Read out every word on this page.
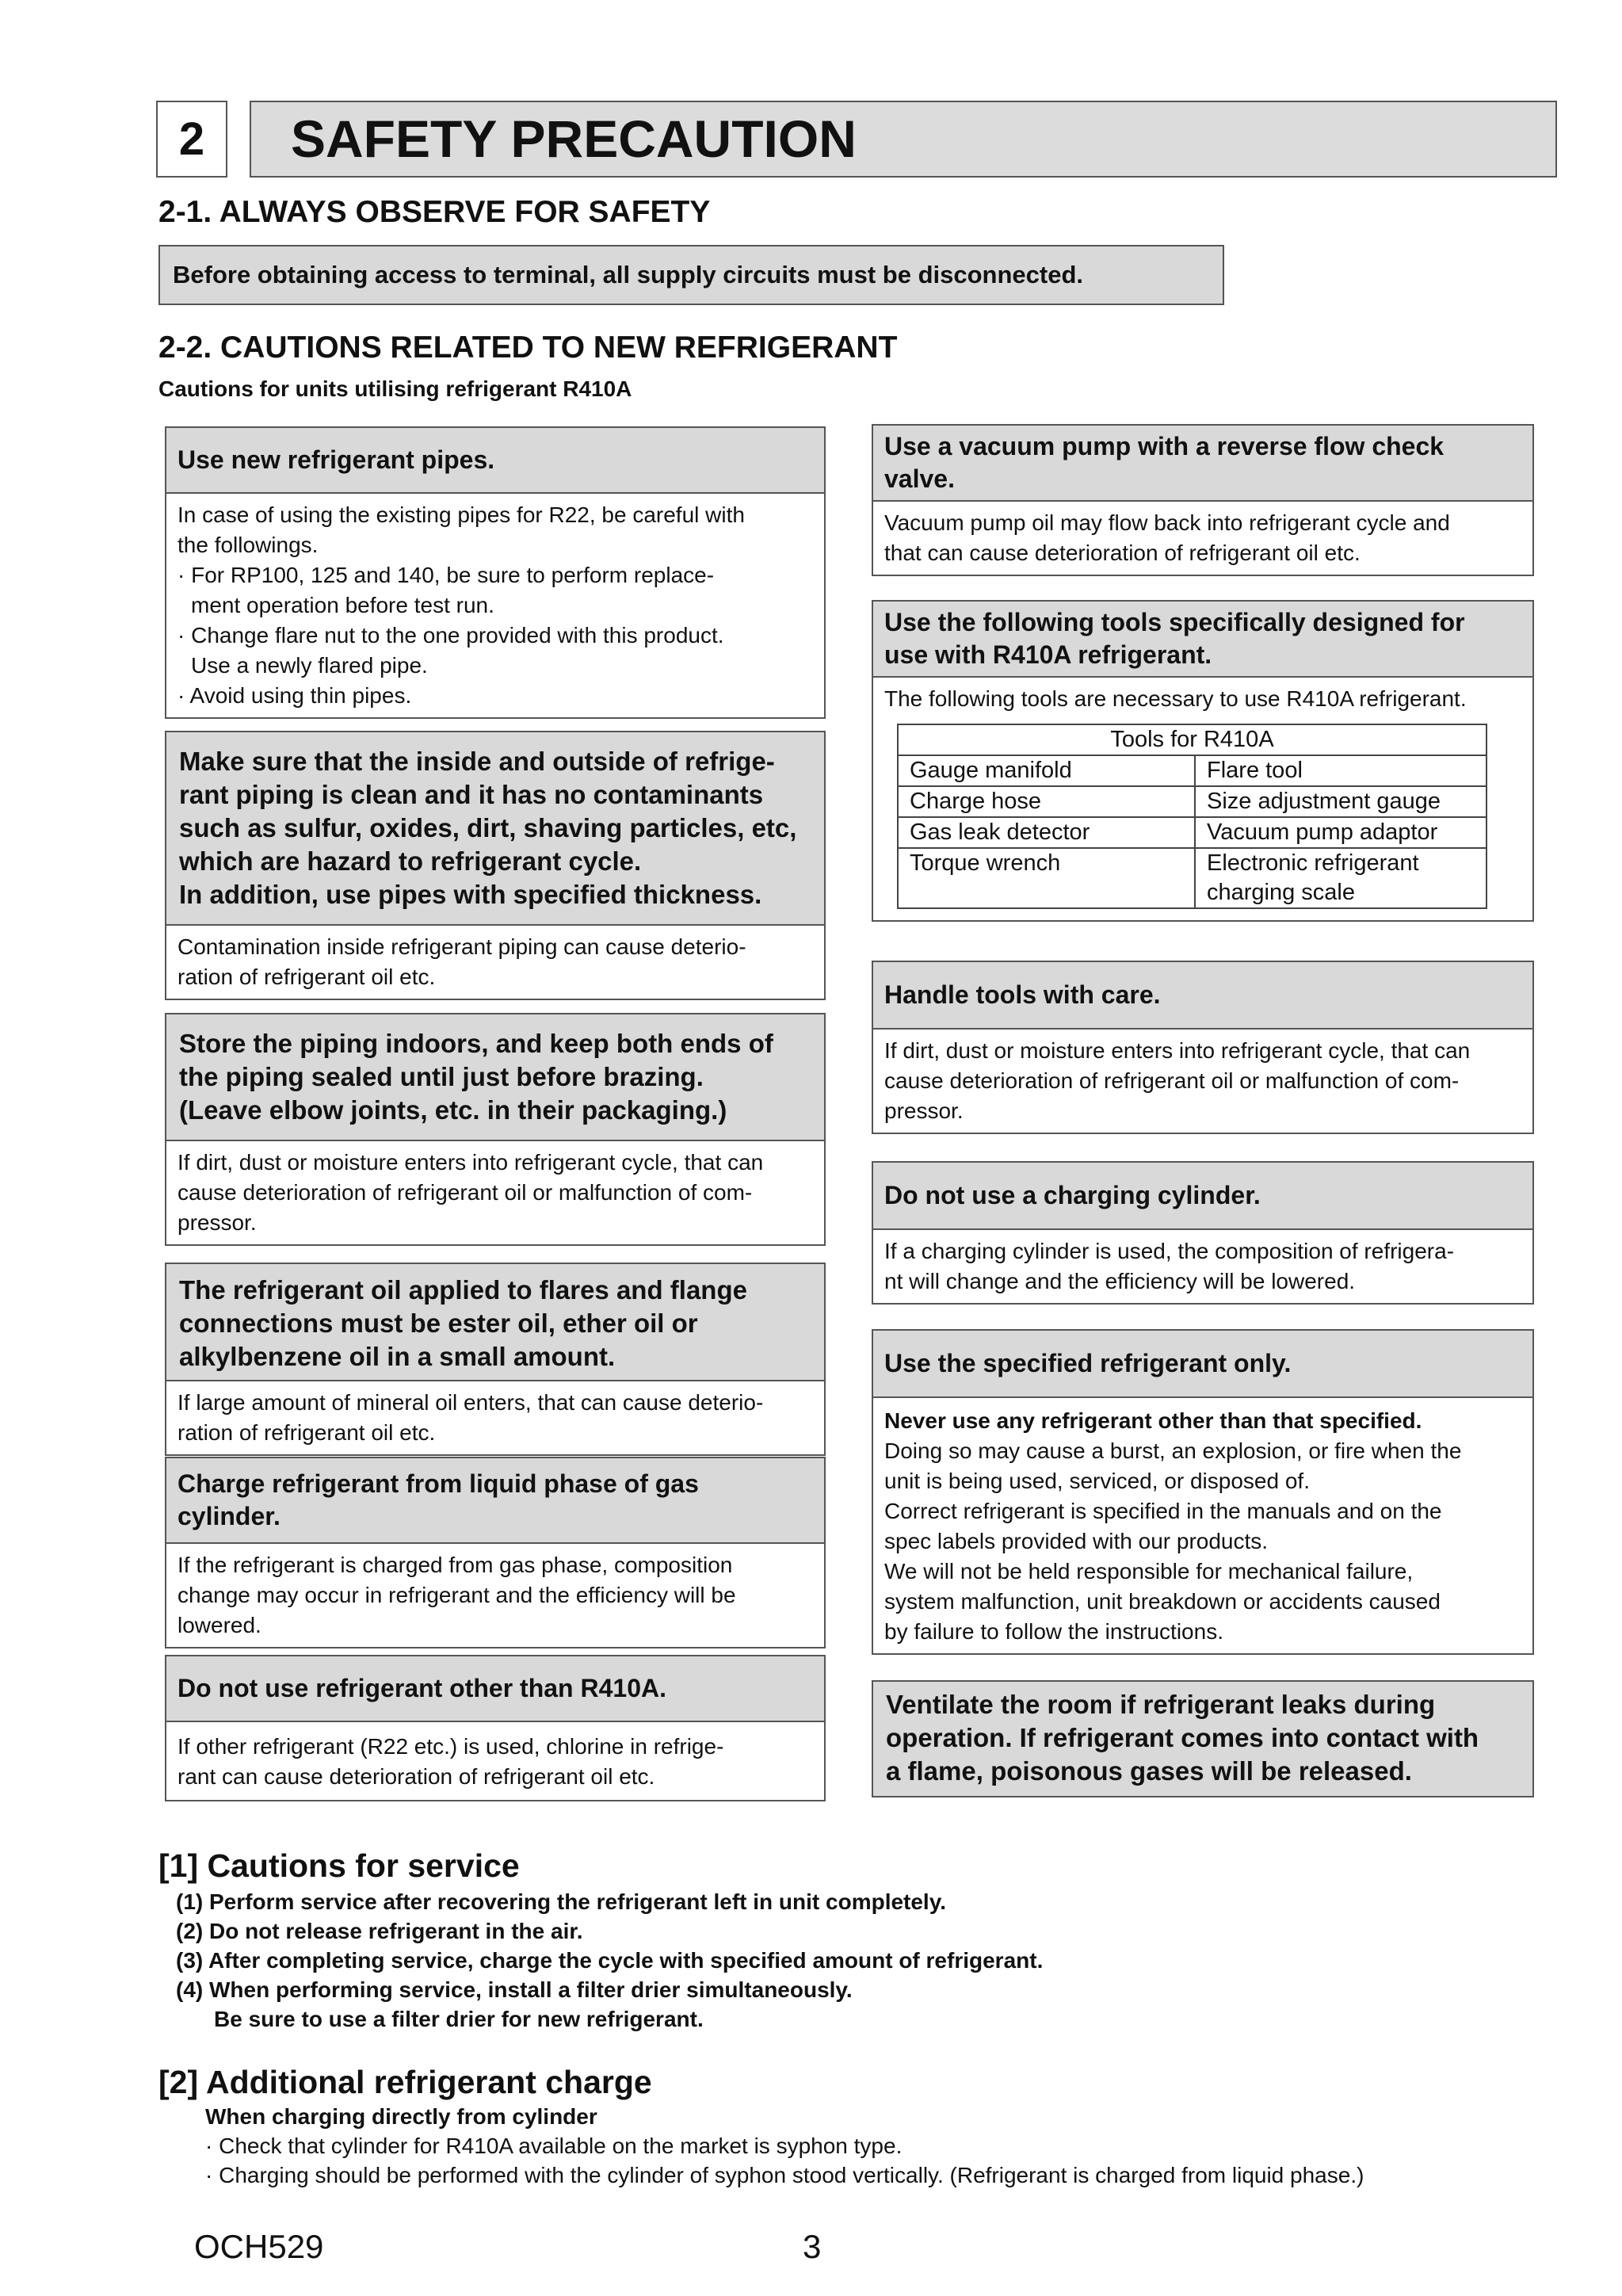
2	SAFETY PRECAUTION
2-1. ALWAYS OBSERVE FOR SAFETY
Before obtaining access to terminal, all supply circuits must be disconnected.
2-2. CAUTIONS RELATED TO NEW REFRIGERANT
Cautions for units utilising refrigerant R410A
Use new refrigerant pipes.
In case of using the existing pipes for R22, be careful with
the followings.
· For RP100, 125 and 140, be sure to perform replace-
ment operation before test run.
· Change flare nut to the one provided with this product.
Use a newly flared pipe.
· Avoid using thin pipes.
Make sure that the inside and outside of refrige-
rant piping is clean and it has no contaminants
such as sulfur, oxides, dirt, shaving particles, etc,
which are hazard to refrigerant cycle.
In addition, use pipes with specified thickness.
Contamination inside refrigerant piping can cause deterio-
ration of refrigerant oil etc.
Store the piping indoors, and keep both ends of
the piping sealed until just before brazing.
(Leave elbow joints, etc. in their packaging.)
If dirt, dust or moisture enters into refrigerant cycle, that can
cause deterioration of refrigerant oil or malfunction of com-
pressor.
The refrigerant oil applied to flares and flange
connections must be ester oil, ether oil or
alkylbenzene oil in a small amount.
If large amount of mineral oil enters, that can cause deterio-
ration of refrigerant oil etc.
Charge refrigerant from liquid phase of gas
cylinder.
If the refrigerant is charged from gas phase, composition
change may occur in refrigerant and the efficiency will be
lowered.
Do not use refrigerant other than R410A.
If other refrigerant (R22 etc.) is used, chlorine in refrige-
rant can cause deterioration of refrigerant oil etc.
Use a vacuum pump with a reverse flow check
valve.
Vacuum pump oil may flow back into refrigerant cycle and
that can cause deterioration of refrigerant oil etc.
Use the following tools specifically designed for
use with R410A refrigerant.
The following tools are necessary to use R410A refrigerant.
Tools for R410A	
Gauge manifold	Flare tool
Charge hose	Size adjustment gauge
Gas leak detector	Vacuum pump adaptor

Torque wrench	Electronic refrigerant
charging scale
Handle tools with care.
If dirt, dust or moisture enters into refrigerant cycle, that can
cause deterioration of refrigerant oil or malfunction of com-
pressor.
Do not use a charging cylinder.
If a charging cylinder is used, the composition of refrigera-
nt will change and the efficiency will be lowered.
Use the specified refrigerant only.
Never use any refrigerant other than that specified.
Doing so may cause a burst, an explosion, or fire when the
unit is being used, serviced, or disposed of.
Correct refrigerant is specified in the manuals and on the
spec labels provided with our products.
We will not be held responsible for mechanical failure,
system malfunction, unit breakdown or accidents caused
by failure to follow the instructions.
Ventilate the room if refrigerant leaks during
operation. If refrigerant comes into contact with
a flame, poisonous gases will be released.
[1] Cautions for service
(1) Perform service after recovering the refrigerant left in unit completely.
(2) Do not release refrigerant in the air.
(3) After completing service, charge the cycle with specified amount of refrigerant.
(4) When performing service, install a filter drier simultaneously.
Be sure to use a filter drier for new refrigerant.
[2] Additional refrigerant charge
When charging directly from cylinder
· Check that cylinder for R410A available on the market is syphon type.
· Charging should be performed with the cylinder of syphon stood vertically. (Refrigerant is charged from liquid phase.)
OCH529	3
